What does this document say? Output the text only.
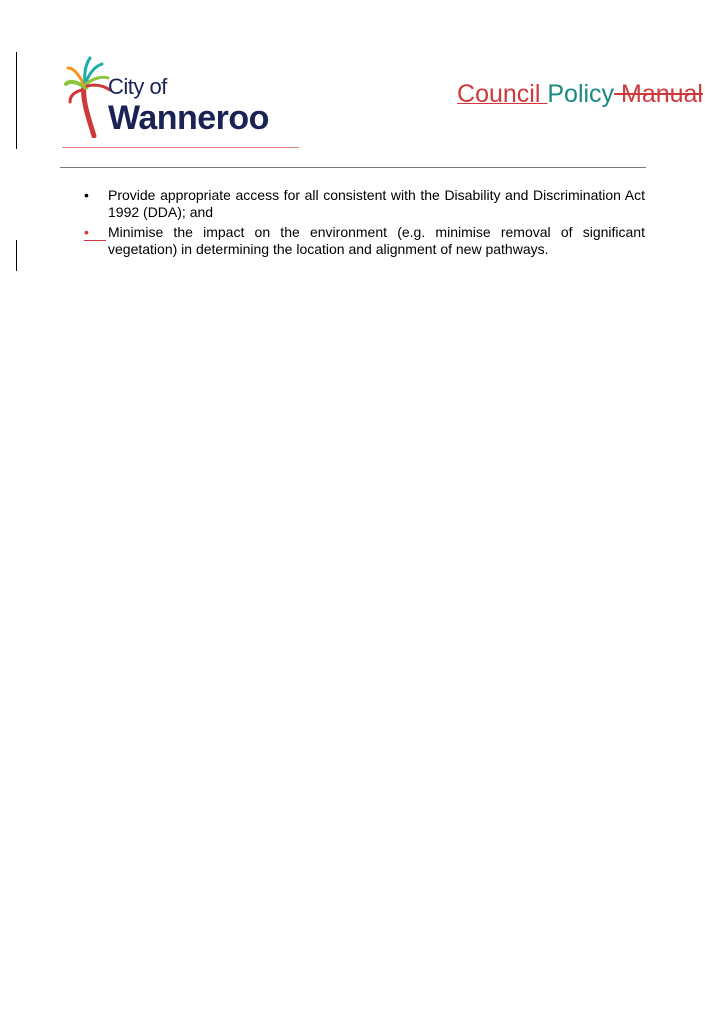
City of
Wanneroo
Council Policy Manual
• Provide appropriate access for all consistent with the Disability and Discrimination Act
1992 (DDA); and
•	Minimise the impact on the environment (e.g. minimise removal of significant
vegetation) in determining the location and alignment of new pathways.
